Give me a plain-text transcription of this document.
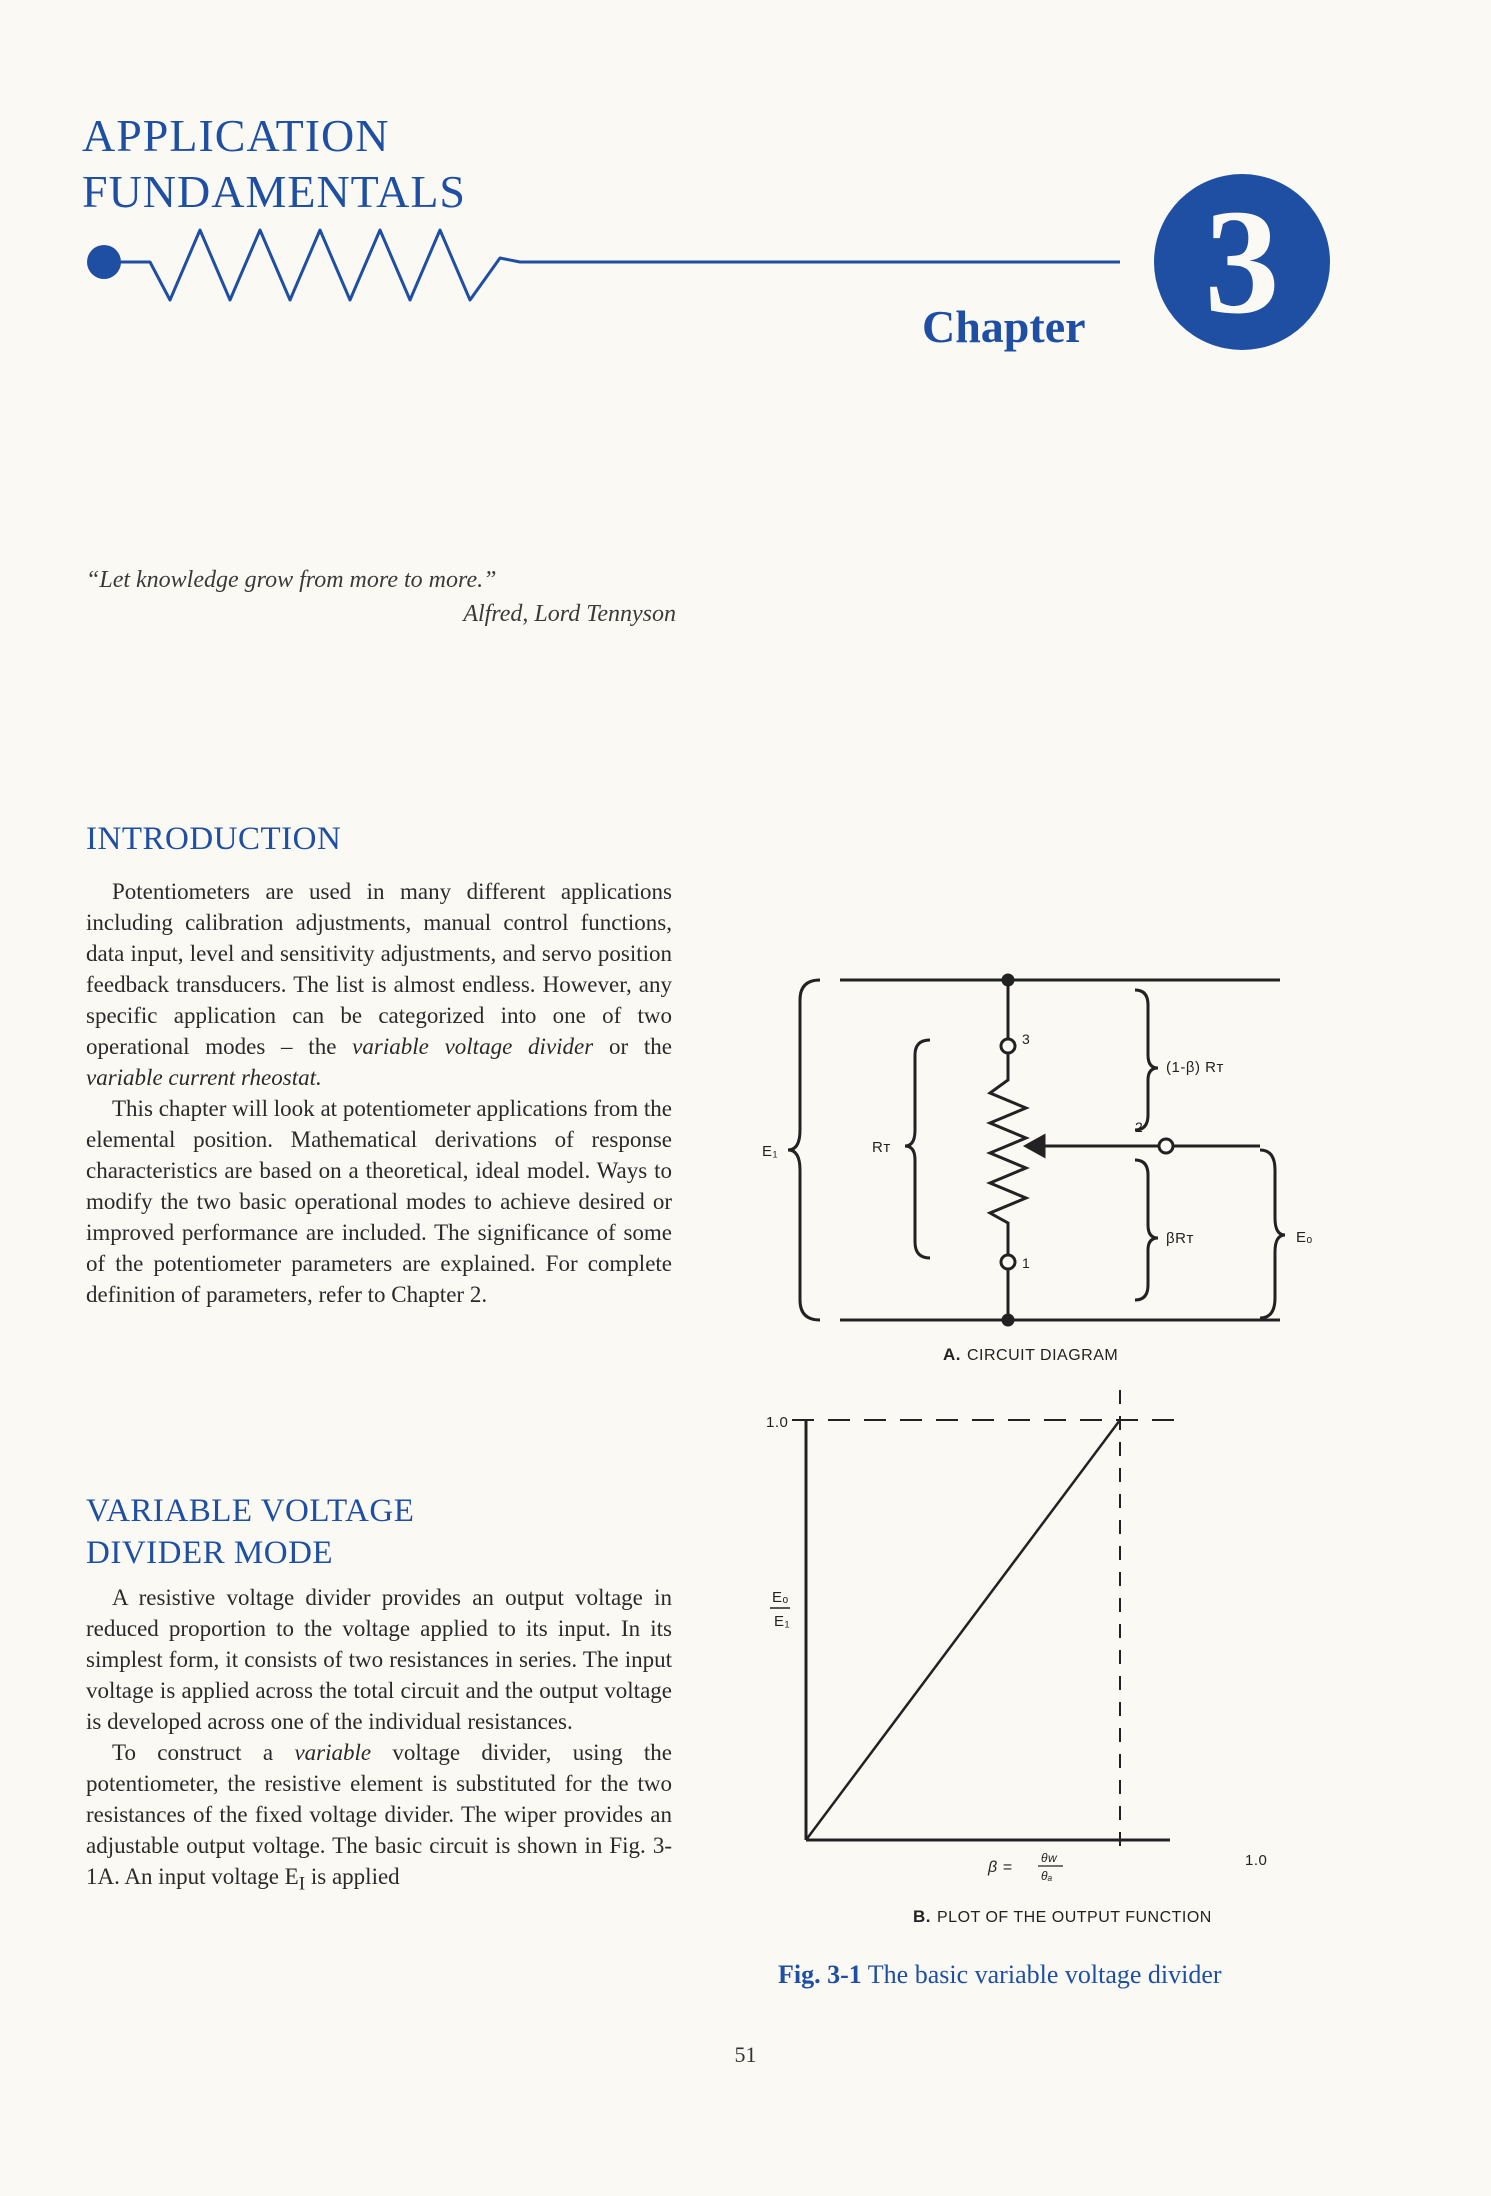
3
APPLICATION
FUNDAMENTALS
Chapter
“Let knowledge grow from more to more.”
Alfred, Lord Tennyson
INTRODUCTION

Potentiometers are used in many different applications including calibration adjustments, manual control functions, data input, level and sensitivity adjustments, and servo position feedback transducers. The list is almost endless. However, any specific application can be categorized into one of two operational modes – the variable voltage divider or the variable current rheostat.

This chapter will look at potentiometer applications from the elemental position. Mathematical derivations of response characteristics are based on a theoretical, ideal model. Ways to modify the two basic operational modes to achieve desired or improved performance are included. The significance of some of the potentiometer parameters are explained. For complete definition of parameters, refer to Chapter 2.

VARIABLE VOLTAGE
DIVIDER MODE

A resistive voltage divider provides an output voltage in reduced proportion to the voltage applied to its input. In its simplest form, it consists of two resistances in series. The input voltage is applied across the total circuit and the output voltage is developed across one of the individual resistances.

To construct a variable voltage divider, using the potentiometer, the resistive element is substituted for the two resistances of the fixed voltage divider. The wiper provides an adjustable output voltage. The basic circuit is shown in Fig. 3-1A. An input voltage $E_I$ is applied

E₁	Rᴛ
3
2
1
(1-β) Rᴛ
βRᴛ	Eₒ
A. CIRCUIT DIAGRAM
1.0
1.0
Eₒ
E₁
β =
θw
θₐ
B. PLOT OF THE OUTPUT FUNCTION
Fig. 3-1 The basic variable voltage divider
51
